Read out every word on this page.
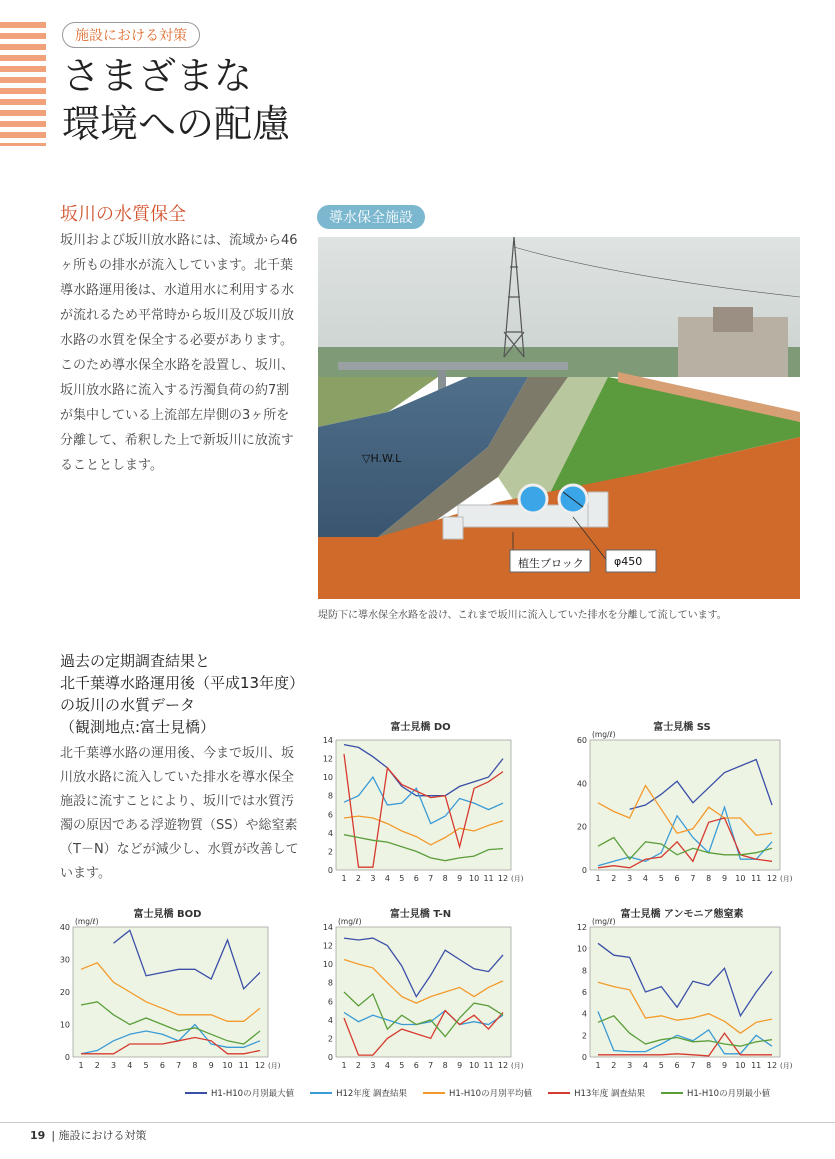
施設における対策
さまざまな
環境への配慮
坂川の水質保全
坂川および坂川放水路には、流域から46ヶ所もの排水が流入しています。北千葉導水路運用後は、水道用水に利用する水が流れるため平常時から坂川及び坂川放水路の水質を保全する必要があります。このため導水保全水路を設置し、坂川、坂川放水路に流入する汚濁負荷の約7割が集中している上流部左岸側の3ヶ所を分離して、希釈した上で新坂川に放流することとします。
導水保全施設
▽H.W.L
植生ブロック	φ450
堤防下に導水保全水路を設け、これまで坂川に流入していた排水を分離して流しています。
過去の定期調査結果と
北千葉導水路運用後（平成13年度）
の坂川の水質データ
（観測地点:富士見橋）
北千葉導水路の運用後、今まで坂川、坂川放水路に流入していた排水を導水保全施設に流すことにより、坂川では水質汚濁の原因である浮遊物質（SS）や総窒素（T－N）などが減少し、水質が改善しています。
富士見橋 DO
0
2
4
6
8
10
12
14
1 2 3 4 5 6 7 8 9 10 11 12 (月)
富士見橋 SS
(mg/ℓ)
0
20
40
60
1 2 3 4 5 6 7 8 9 10 11 12 (月)
富士見橋 BOD
(mg/ℓ)
0
10
20
30
40
1 2 3 4 5 6 7 8 9 10 11 12 (月)
富士見橋 T-N
(mg/ℓ)
0
2
4
6
8
10
12
14
1 2 3 4 5 6 7 8 9 10 11 12 (月)
富士見橋 アンモニア態窒素
(mg/ℓ)
0
2
4
6
8
10
12
1 2 3 4 5 6 7 8 9 10 11 12 (月)
H1-H10の月別最大値	H12年度 調査結果	H1-H10の月別平均値	H13年度 調査結果	H1-H10の月別最小値
19 | 施設における対策
